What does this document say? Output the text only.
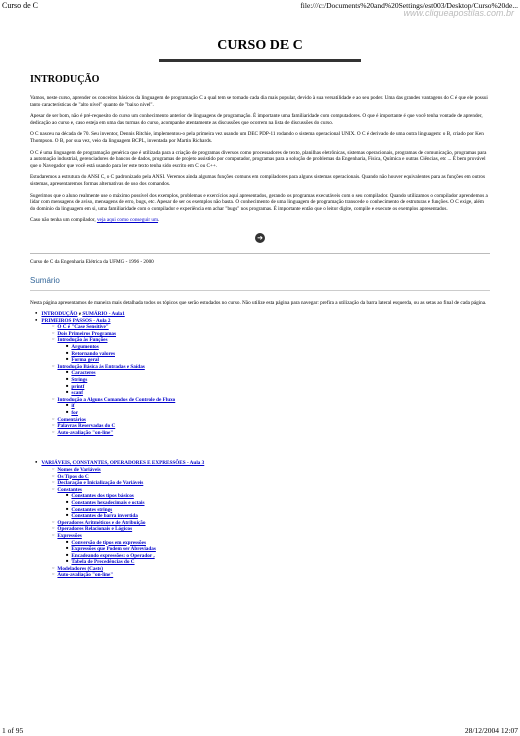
Curso de C	file:///c:/Documents%20and%20Settings/est003/Desktop/Curso%20de...
www.cliqueapostilas.com.br
CURSO DE C
INTRODUÇÃO

Vamos, neste curso, aprender os conceitos básicos da linguagem de programação C a qual tem se tornado cada dia mais popular, devido à sua versatilidade e ao seu poder. Uma das grandes vantagens do C é que ele possui tanto características de "alto nível" quanto de "baixo nível".

Apesar de ser bom, não é pré-requesito do curso um conhecimento anterior de linguagens de programação. É importante uma familiaridade com computadores. O que é importante é que você tenha vontade de aprender, dedicação ao curso e, caso esteja em uma das turmas do curso, acompanhe atentamente as discussões que ocorrem na lista de discussões do curso.

O C nasceu na década de 70. Seu inventor, Dennis Ritchie, implementou-o pela primeira vez usando um DEC PDP-11 rodando o sistema operacional UNIX. O C é derivado de uma outra linguagem: o B, criado por Ken Thompson. O B, por sua vez, veio da linguagem BCPL, inventada por Martin Richards.

O C é uma linguagem de programação genérica que é utilizada para a criação de programas diversos como processadores de texto, planilhas eletrônicas, sistemas operacionais, programas de comunicação, programas para a automação industrial, gerenciadores de bancos de dados, programas de projeto assistido por computador, programas para a solução de problemas da Engenharia, Física, Química e outras Ciências, etc ... É bem provável que o Navegador que você está usando para ler este texto tenha sido escrito em C ou C++.

Estudaremos a estrutura do ANSI C, o C padronizado pela ANSI. Veremos ainda algumas funções comuns em compiladores para alguns sistemas operacionais. Quando não houver equivalentes para as funções em outros sistemas, apresentaremos formas alternativas de uso dos comandos.

Sugerimos que o aluno realmente use o máximo possível dos exemplos, problemas e exercícios aqui apresentados, gerando os programas executáveis com o seu compilador. Quando utilizamos o compilador aprendemos a lidar com mensagens de aviso, mensagens de erro, bugs, etc. Apesar de ser os exemplos não basta. O conhecimento de uma linguagem de programação transcede o conhecimento de estruturas e funções. O C exige, além do domínio da linguagem em si, uma familiaridade com o compilador e experiência em achar "bugs" nos programas. É importante então que o leitor digite, compile e execute os exemplos apresentados.

Caso não tenha um compilador, veja aqui como conseguir um.

➜
Curso de C da Engenharia Elétrica da UFMG - 1996 - 2000
Sumário

Nesta página apresentamos de maneira mais detalhada todos os tópicos que serão estudados no curso. Não utilize esta página para navegar: prefira a utilização da barra lateral esquerda, ou as setas ao final de cada página.

● INTRODUÇÃO e SUMÁRIO - Aula1
● PRIMEIROS PASSOS - Aula 2
○ O C é "Case Sensitive"
○ Dois Primeiros Programas
○ Introdução às Funções
■ Argumentos
■ Retornando valores
■ Forma geral
○ Introdução Básica às Entradas e Saídas
■ Caracteres
■ Strings
■ printf
■ scanf
○ Introdução a Alguns Comandos de Controle de Fluxo
■ if
■ for
○ Comentários
○ Palavras Reservadas do C
○ Auto-avaliação "on-line"
● VARIÁVEIS, CONSTANTES, OPERADORES E EXPRESSÕES - Aula 3
○ Nomes de Variáveis
○ Os Tipos do C
○ Declaração e Inicialização de Variáveis
○ Constantes
■ Constantes dos tipos básicos
■ Constantes hexadecimais e octais
■ Constantes strings
■ Constantes de barra invertida
○ Operadores Aritméticos e de Atribuição
○ Operadores Relacionais e Lógicos
○ Expressões
■ Conversão de tipos em expressões
■ Expressões que Podem ser Abreviadas
■ Encadeando expressões: o Operador ,
■ Tabela de Precedências do C
○ Modeladores (Casts)
○ Auto-avaliação "on-line"
1 of 95	28/12/2004 12:07
